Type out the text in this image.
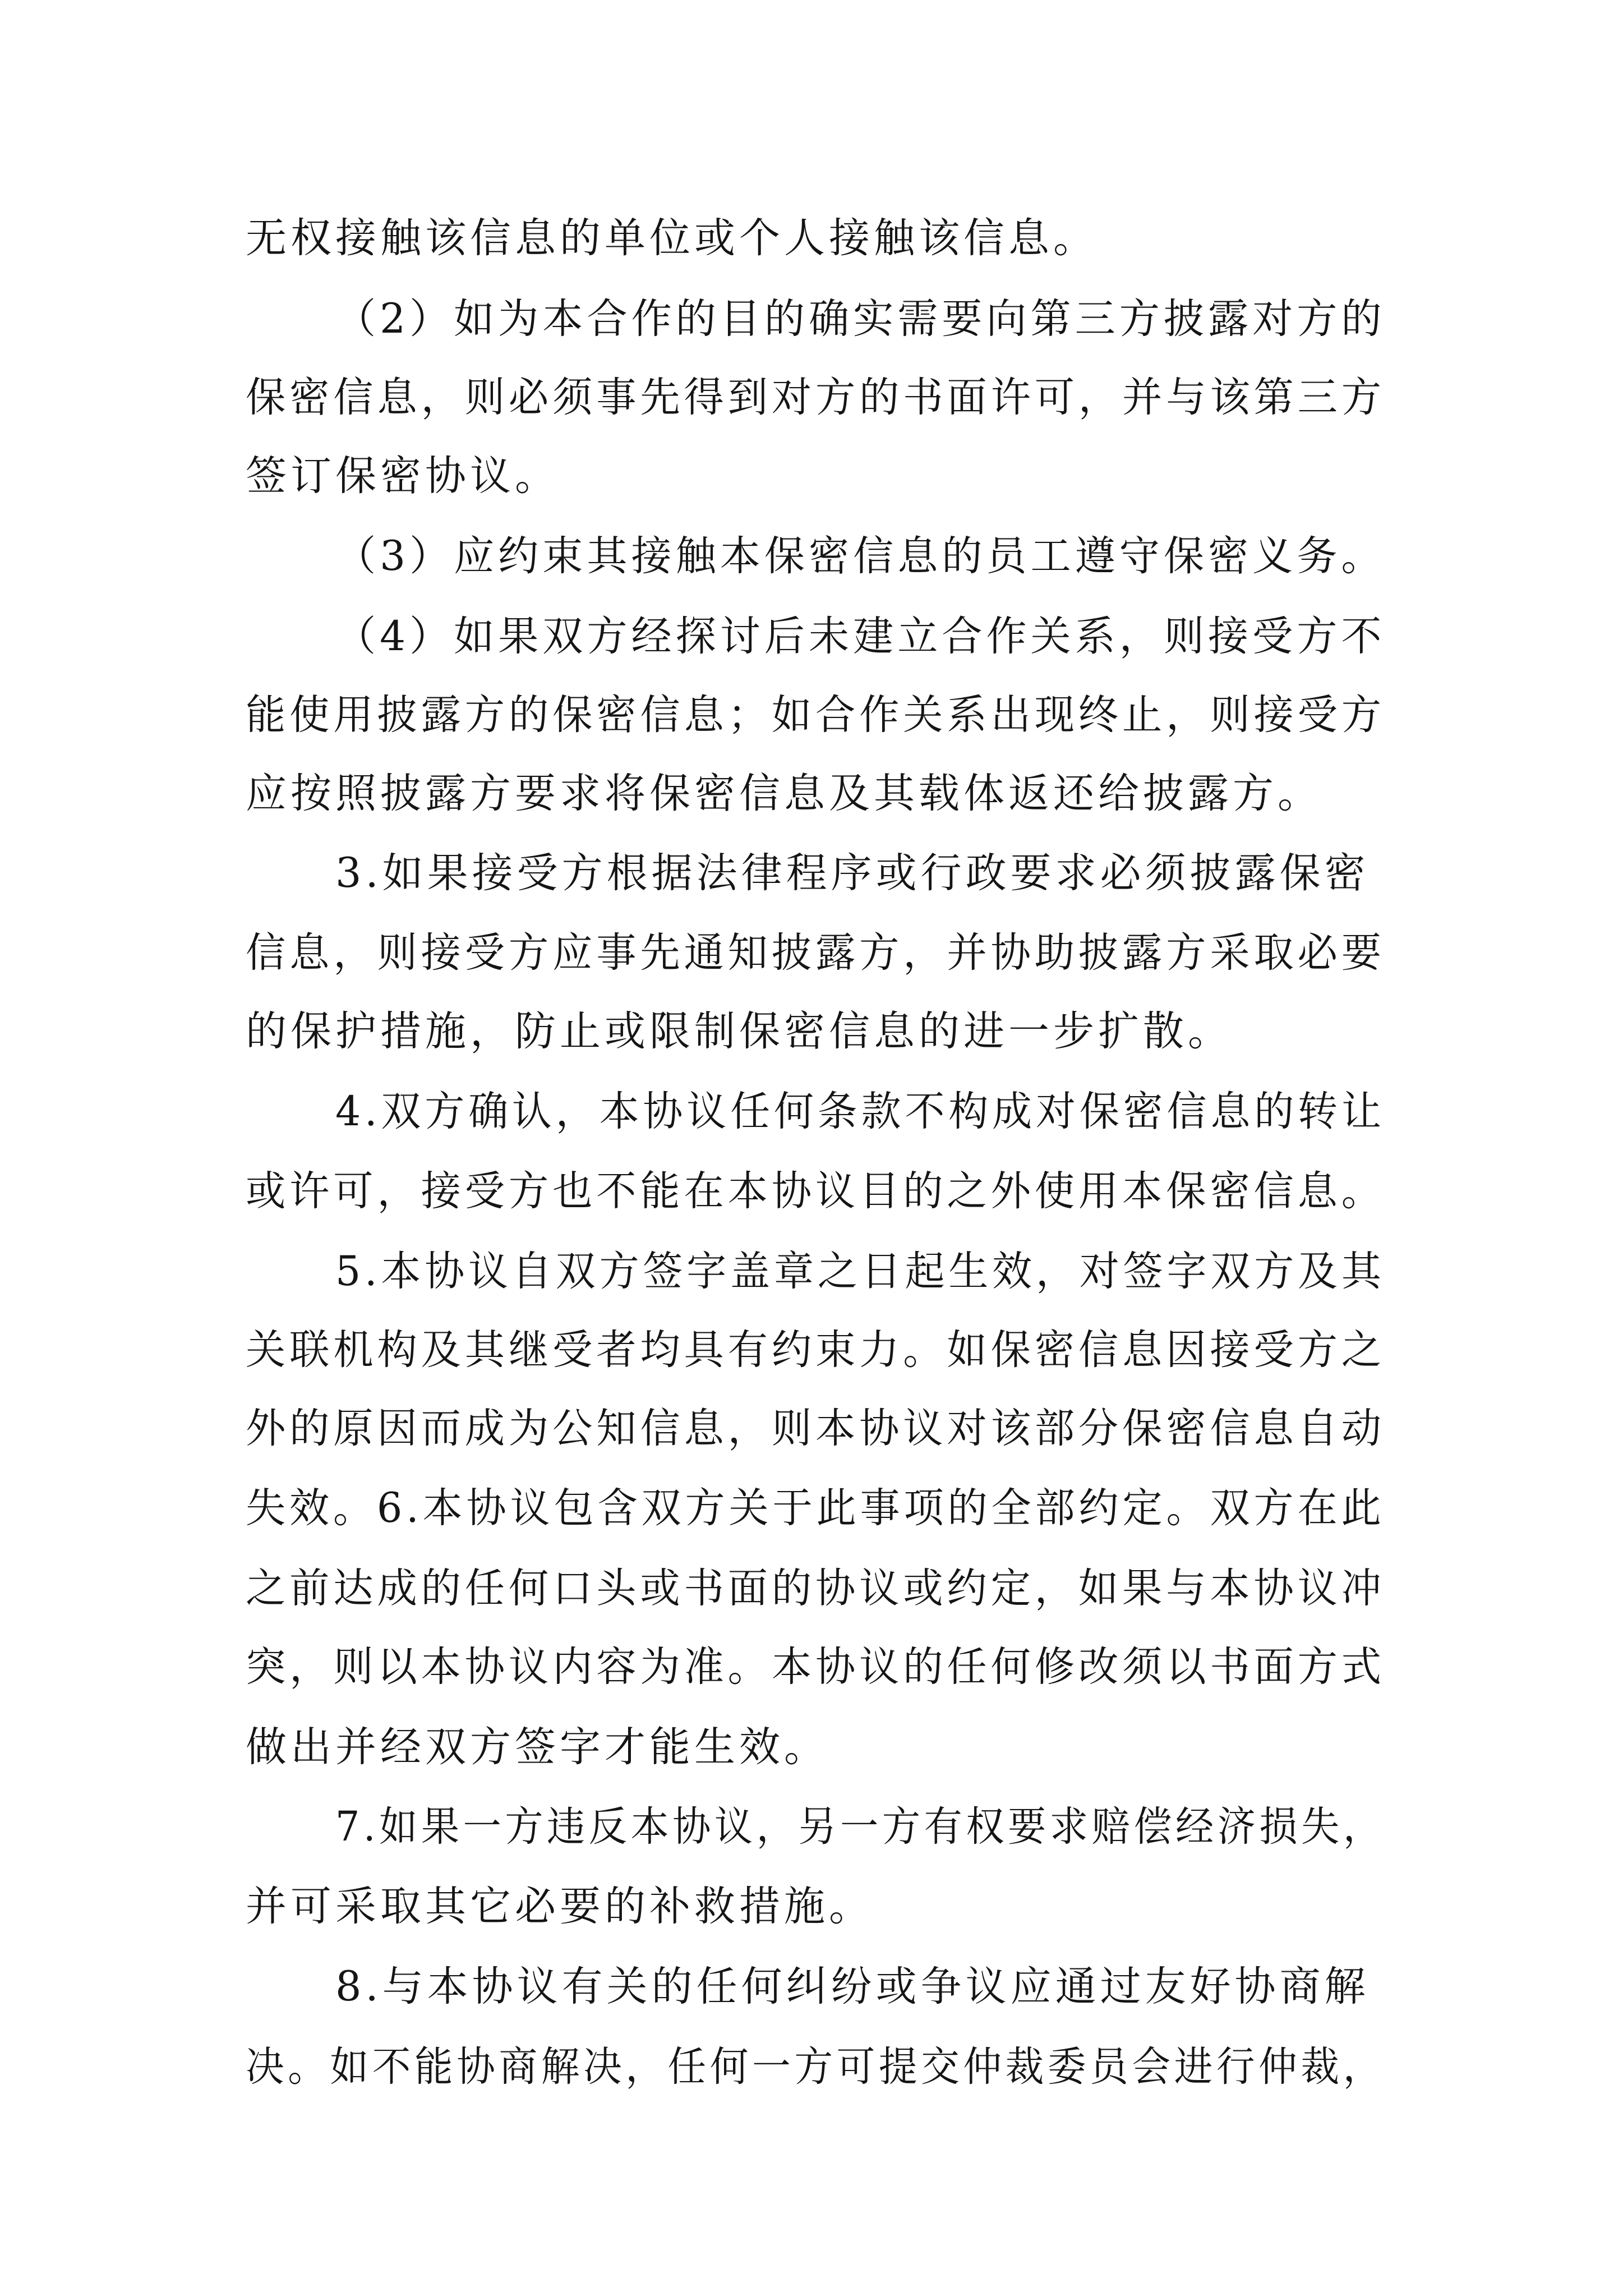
无权接触该信息的单位或个人接触该信息。
（2）如为本合作的目的确实需要向第三方披露对方的
保密信息，则必须事先得到对方的书面许可，并与该第三方
签订保密协议。
（3）应约束其接触本保密信息的员工遵守保密义务。
（4）如果双方经探讨后未建立合作关系，则接受方不
能使用披露方的保密信息；如合作关系出现终止，则接受方
应按照披露方要求将保密信息及其载体返还给披露方。
3.如果接受方根据法律程序或行政要求必须披露保密
信息，则接受方应事先通知披露方，并协助披露方采取必要
的保护措施，防止或限制保密信息的进一步扩散。
4.双方确认，本协议任何条款不构成对保密信息的转让
或许可，接受方也不能在本协议目的之外使用本保密信息。
5.本协议自双方签字盖章之日起生效，对签字双方及其
关联机构及其继受者均具有约束力。如保密信息因接受方之
外的原因而成为公知信息，则本协议对该部分保密信息自动
失效。6.本协议包含双方关于此事项的全部约定。双方在此
之前达成的任何口头或书面的协议或约定，如果与本协议冲
突，则以本协议内容为准。本协议的任何修改须以书面方式
做出并经双方签字才能生效。
7.如果一方违反本协议，另一方有权要求赔偿经济损失，
并可采取其它必要的补救措施。
8.与本协议有关的任何纠纷或争议应通过友好协商解
决。如不能协商解决，任何一方可提交仲裁委员会进行仲裁，
